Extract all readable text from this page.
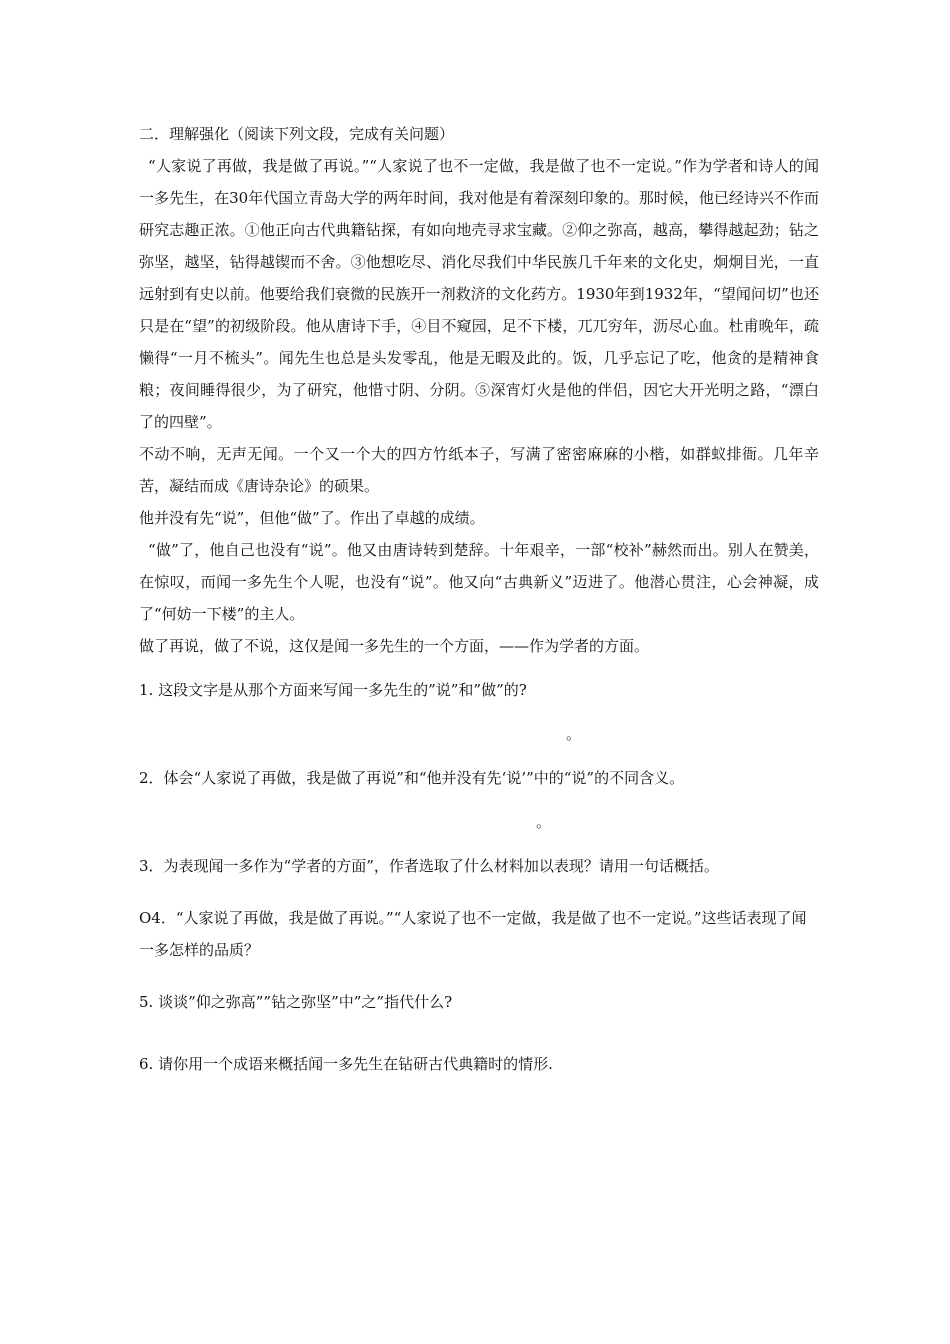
二．理解强化（阅读下列文段，完成有关问题）

“人家说了再做，我是做了再说。”“人家说了也不一定做，我是做了也不一定说。”作为学者和诗人的闻一多先生，在30年代国立青岛大学的两年时间，我对他是有着深刻印象的。那时候，他已经诗兴不作而研究志趣正浓。①他正向古代典籍钻探，有如向地壳寻求宝藏。②仰之弥高，越高，攀得越起劲；钻之弥坚，越坚，钻得越锲而不舍。③他想吃尽、消化尽我们中华民族几千年来的文化史，炯炯目光，一直远射到有史以前。他要给我们衰微的民族开一剂救济的文化药方。1930年到1932年，“望闻问切”也还只是在“望”的初级阶段。他从唐诗下手，④目不窥园，足不下楼，兀兀穷年，沥尽心血。杜甫晚年，疏懒得“一月不梳头”。闻先生也总是头发零乱，他是无暇及此的。饭，几乎忘记了吃，他贪的是精神食粮；夜间睡得很少，为了研究，他惜寸阴、分阴。⑤深宵灯火是他的伴侣，因它大开光明之路，“漂白了的四壁”。

不动不响，无声无闻。一个又一个大的四方竹纸本子，写满了密密麻麻的小楷，如群蚁排衙。几年辛苦，凝结而成《唐诗杂论》的硕果。

他并没有先“说”，但他“做”了。作出了卓越的成绩。

“做”了，他自己也没有“说”。他又由唐诗转到楚辞。十年艰辛，一部“校补”赫然而出。别人在赞美，在惊叹，而闻一多先生个人呢，也没有“说”。他又向“古典新义”迈进了。他潜心贯注，心会神凝，成了“何妨一下楼”的主人。

做了再说，做了不说，这仅是闻一多先生的一个方面，——作为学者的方面。

1. 这段文字是从那个方面来写闻一多先生的”说”和”做”的?

。

2．体会“人家说了再做，我是做了再说”和“他并没有先‘说’”中的“说”的不同含义。

。

3．为表现闻一多作为“学者的方面”，作者选取了什么材料加以表现？请用一句话概括。

O4．“人家说了再做，我是做了再说。”“人家说了也不一定做，我是做了也不一定说。”这些话表现了闻一多怎样的品质？

5. 谈谈”仰之弥高””钻之弥坚”中”之”指代什么?

6. 请你用一个成语来概括闻一多先生在钻研古代典籍时的情形.
